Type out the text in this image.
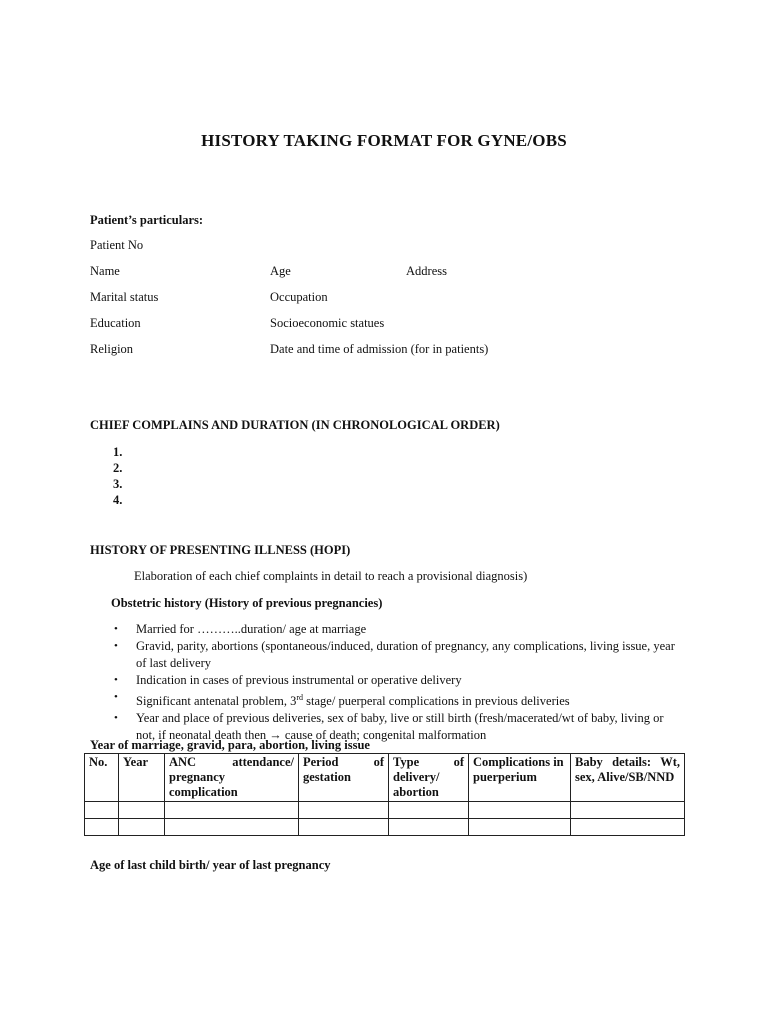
HISTORY TAKING FORMAT FOR GYNE/OBS
Patient’s particulars:
Patient No
Name	Age	Address
Marital status	Occupation
Education	Socioeconomic statues
Religion	Date and time of admission (for in patients)
CHIEF COMPLAINS AND DURATION (IN CHRONOLOGICAL ORDER)
1.
2.
3.
4.
HISTORY OF PRESENTING ILLNESS (HOPI)
Elaboration of each chief complaints in detail to reach a provisional diagnosis)
Obstetric history (History of previous pregnancies)
• Married for ………..duration/ age at marriage
• Gravid, parity, abortions (spontaneous/induced, duration of pregnancy, any complications, living issue, year of last delivery
• Indication in cases of previous instrumental or operative delivery
• Significant antenatal problem, 3rd stage/ puerperal complications in previous deliveries
• Year and place of previous deliveries, sex of baby, live or still birth (fresh/macerated/wt of baby, living or not, if neonatal death then → cause of death; congenital malformation
Year of marriage, gravid, para, abortion, living issue
No.	Year	ANC attendance/ pregnancy complication	Period of gestation	Type of delivery/ abortion	Complications in puerperium	Baby details: Wt, sex, Alive/SB/NND

Age of last child birth/ year of last pregnancy
